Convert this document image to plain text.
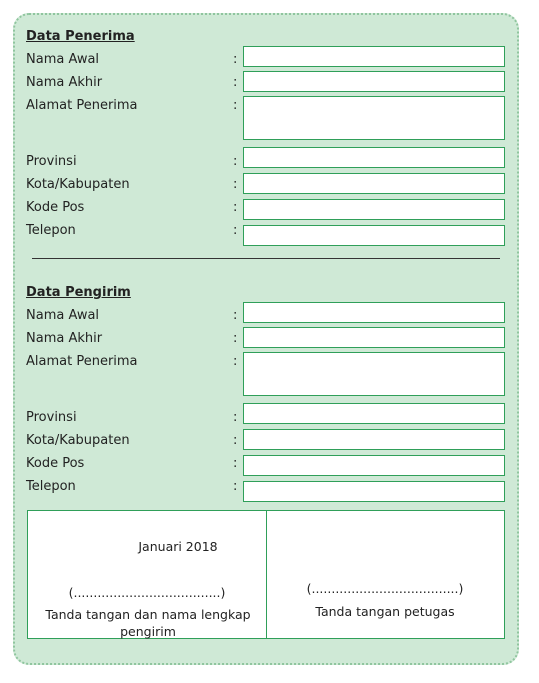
Data Penerima
Nama Awal	:
Nama Akhir	:
Alamat Penerima	:
Provinsi	:
Kota/Kabupaten	:
Kode Pos	:
Telepon	:
Data Pengirim
Nama Awal	:
Nama Akhir	:
Alamat Penerima	:
Provinsi	:
Kota/Kabupaten	:
Kode Pos	:
Telepon	:
Januari 2018
(.....................................)
Tanda tangan dan nama lengkap pengirim
(.....................................)
Tanda tangan petugas
